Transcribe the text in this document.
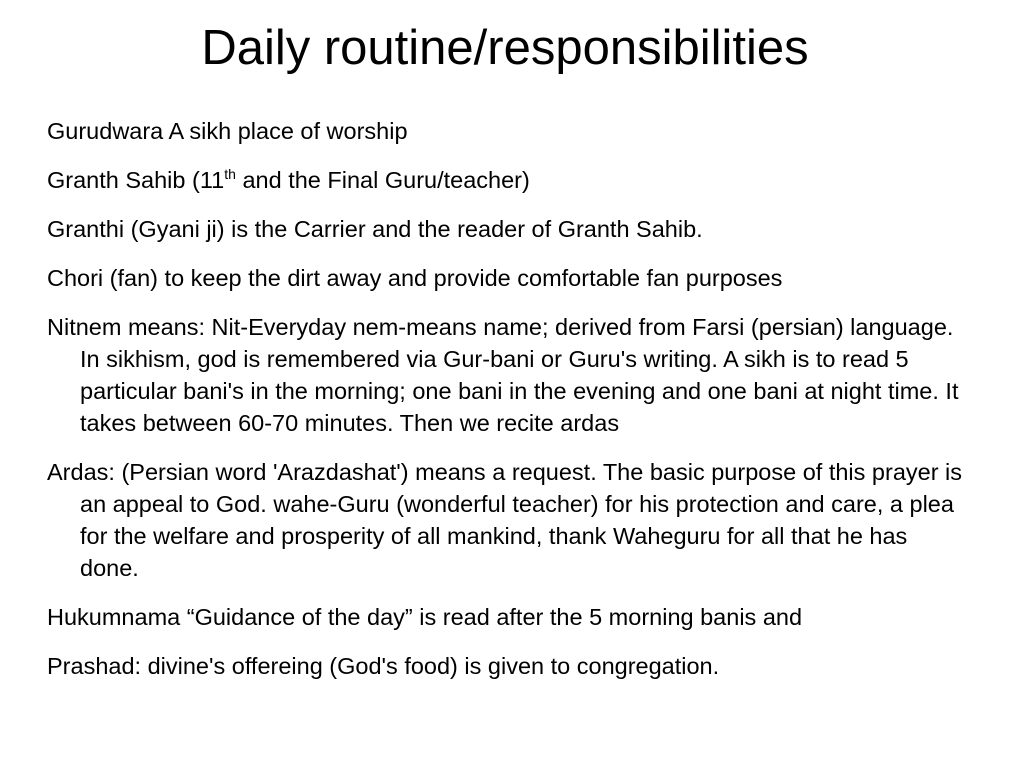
Daily routine/responsibilities
Gurudwara A sikh place of worship
Granth Sahib (11th and the Final Guru/teacher)
Granthi (Gyani ji) is the Carrier and the reader of Granth Sahib.
Chori (fan) to keep the dirt away and provide comfortable fan purposes
Nitnem means: Nit-Everyday nem-means name; derived from Farsi (persian) language. In sikhism, god is remembered via Gur-bani or Guru's writing. A sikh is to read 5 particular bani's in the morning; one bani in the evening and one bani at night time. It takes between 60-70 minutes. Then we recite ardas
Ardas: (Persian word 'Arazdashat') means a request. The basic purpose of this prayer is an appeal to God. wahe-Guru (wonderful teacher) for his protection and care, a plea for the welfare and prosperity of all mankind, thank Waheguru for all that he has done.
Hukumnama “Guidance of the day” is read after the 5 morning banis and
Prashad: divine's offereing (God's food) is given to congregation.
